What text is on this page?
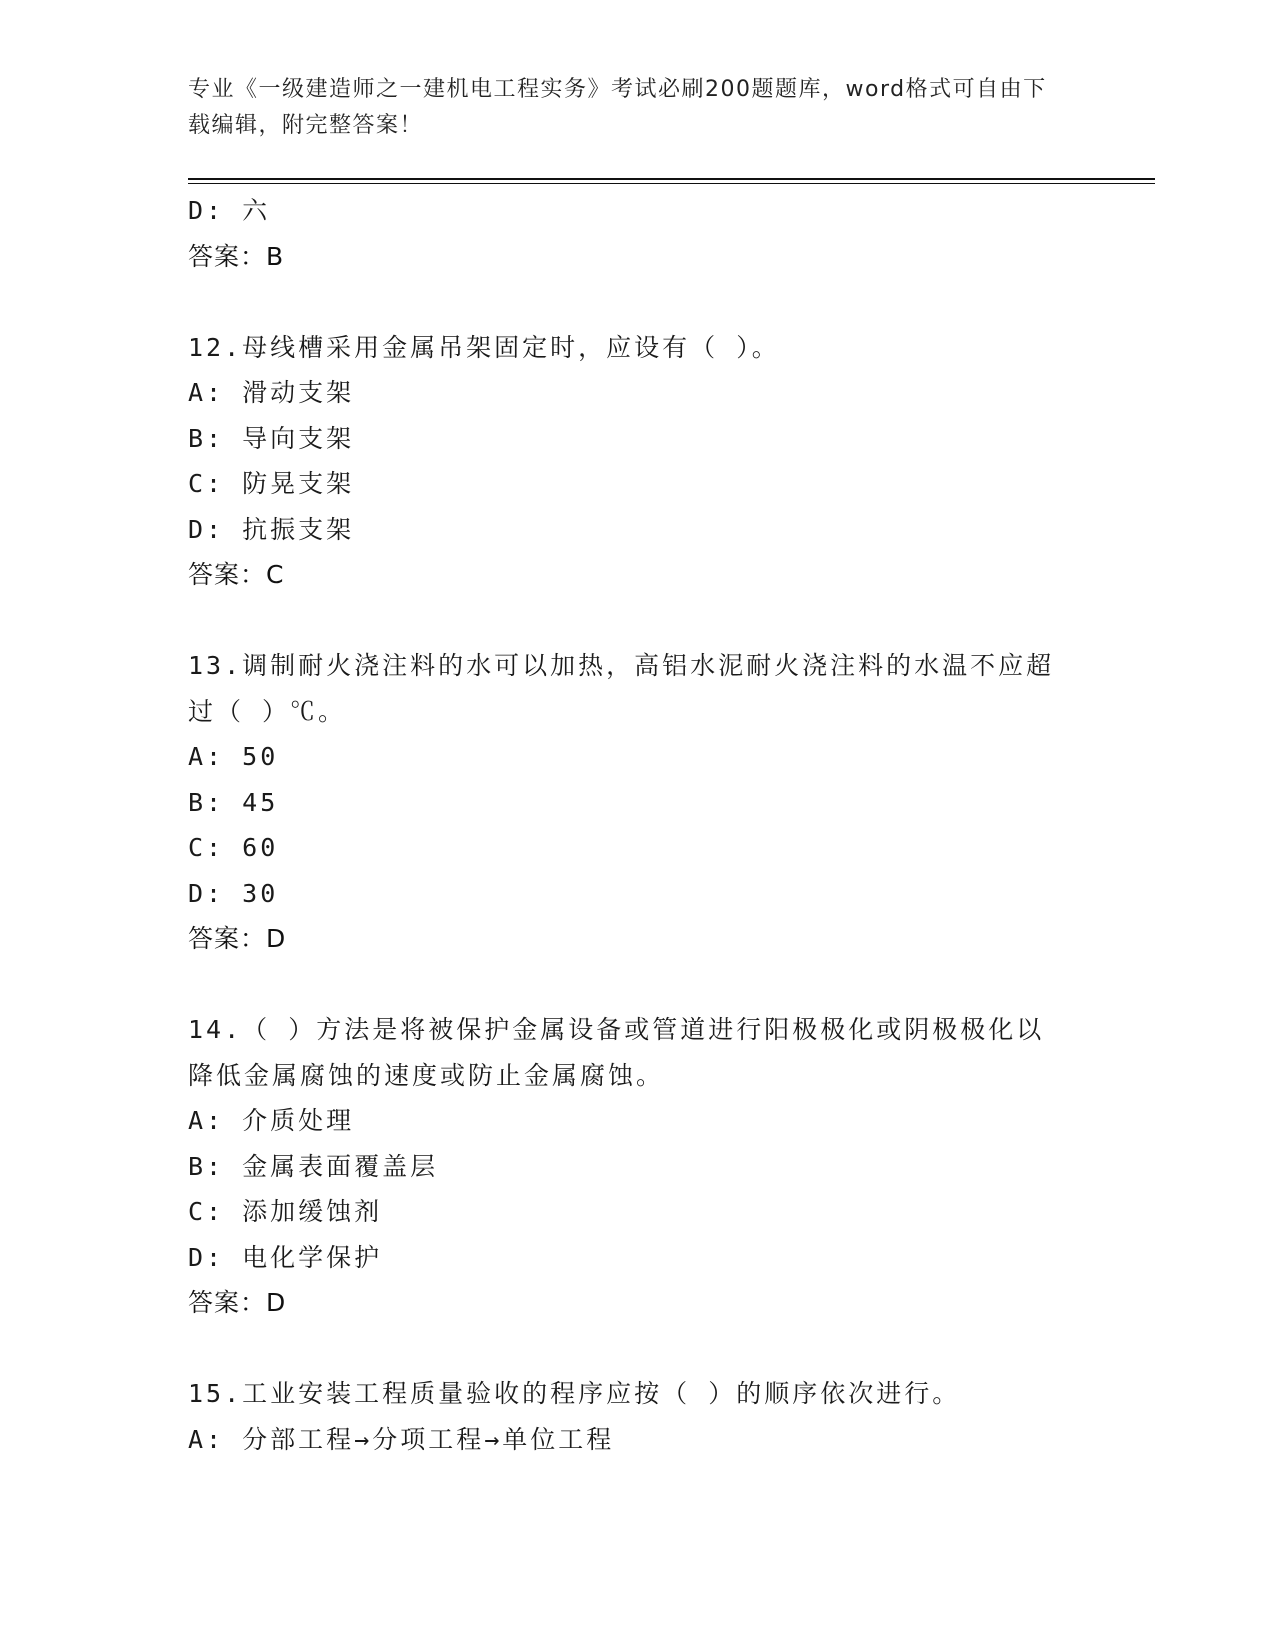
专业《一级建造师之一建机电工程实务》考试必刷200题题库，word格式可自由下载编辑，附完整答案！
D: 六
答案：B
12.母线槽采用金属吊架固定时，应设有（ ）。
A: 滑动支架
B: 导向支架
C: 防晃支架
D: 抗振支架
答案：C
13.调制耐火浇注料的水可以加热，高铝水泥耐火浇注料的水温不应超
过（ ）℃。
A: 50
B: 45
C: 60
D: 30
答案：D
14.（ ）方法是将被保护金属设备或管道进行阳极极化或阴极极化以
降低金属腐蚀的速度或防止金属腐蚀。
A: 介质处理
B: 金属表面覆盖层
C: 添加缓蚀剂
D: 电化学保护
答案：D
15.工业安装工程质量验收的程序应按（ ）的顺序依次进行。
A: 分部工程→分项工程→单位工程
